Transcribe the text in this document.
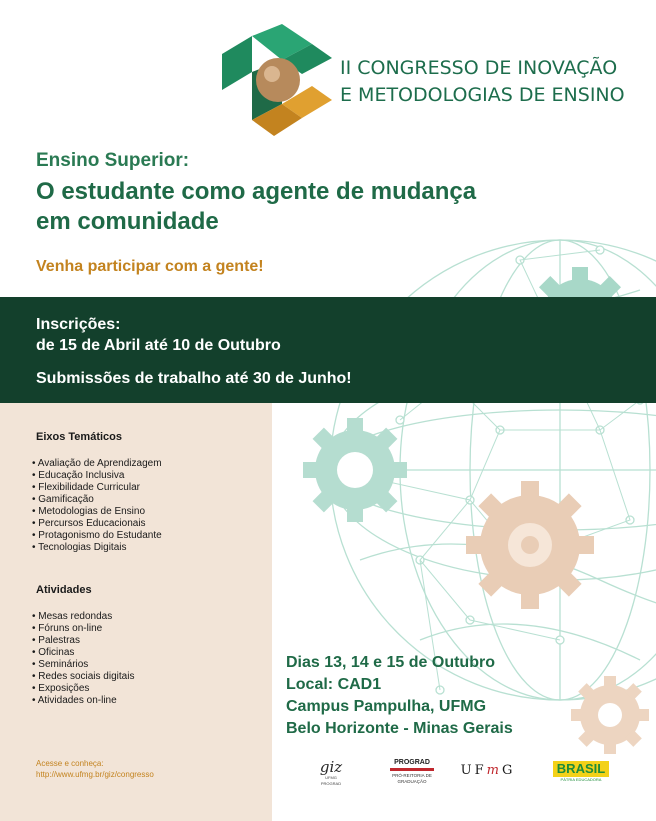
II CONGRESSO DE INOVAÇÃO
E METODOLOGIAS DE ENSINO
Ensino Superior:
O estudante como agente de mudança
em comunidade
Venha participar com a gente!
Inscrições:
de 15 de Abril até 10 de Outubro
Submissões de trabalho até 30 de Junho!
Eixos Temáticos
• Avaliação de Aprendizagem
• Educação Inclusiva
• Flexibilidade Curricular
• Gamificação
• Metodologias de Ensino
• Percursos Educacionais
• Protagonismo do Estudante
• Tecnologias Digitais
Atividades
• Mesas redondas
• Fóruns on-line
• Palestras
• Oficinas
• Seminários
• Redes sociais digitais
• Exposições
• Atividades on-line
Acesse e conheça:
http://www.ufmg.br/giz/congresso
Dias 13, 14 e 15 de Outubro
Local: CAD1
Campus Pampulha, UFMG
Belo Horizonte - Minas Gerais
giz
UFMG
PROGRAD
PROGRAD
PRÓ-REITORIA DE GRADUAÇÃO
UF m G	BRASIL
PÁTRIA EDUCADORA
